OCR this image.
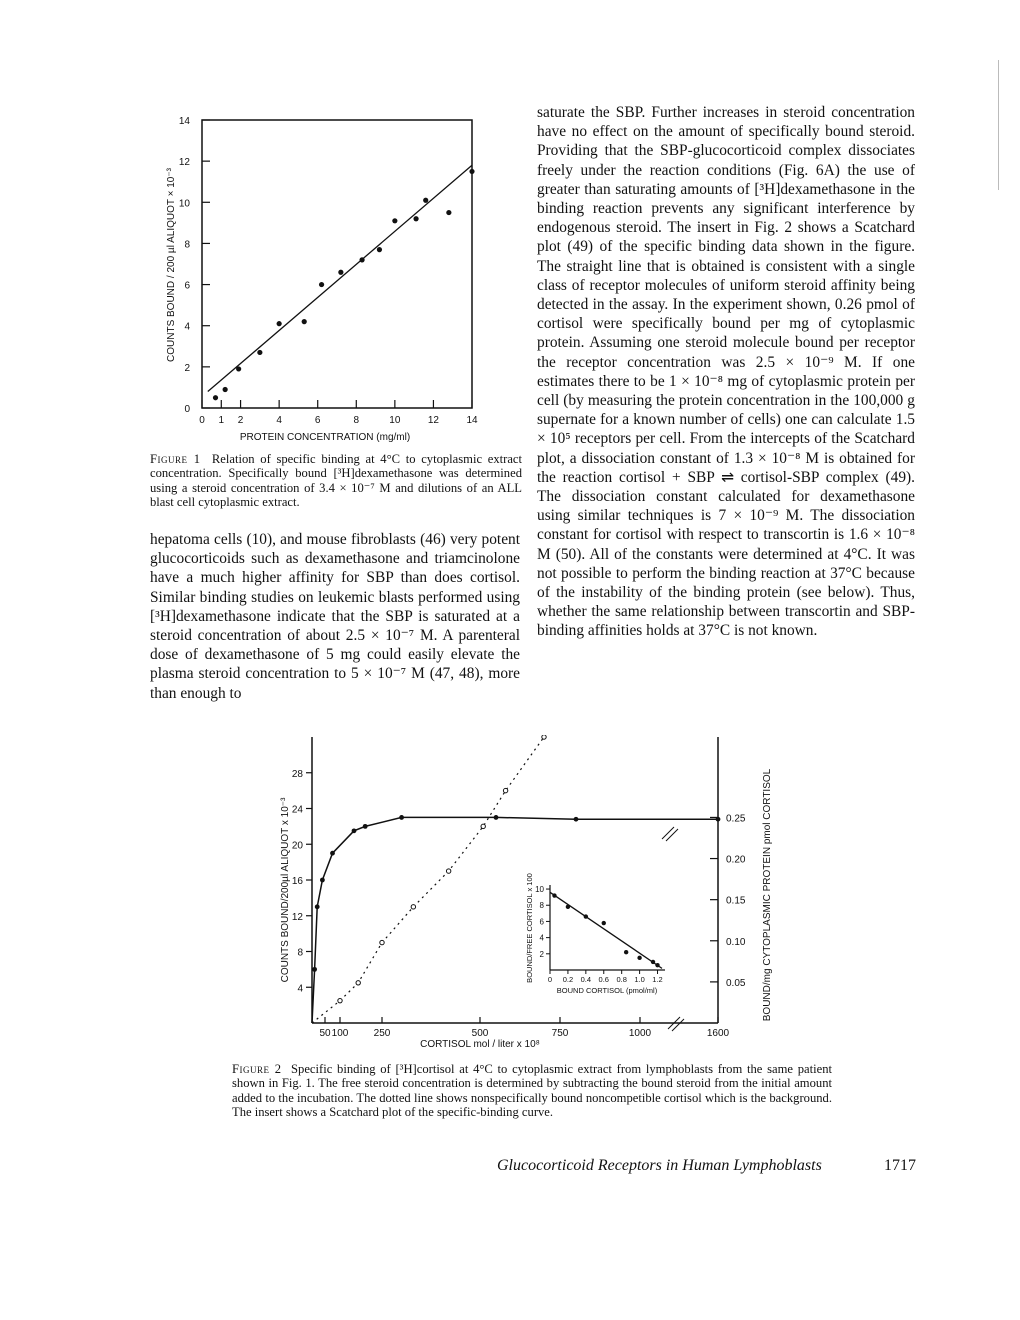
0
2
4
6
8
10
12
14
0 1 2	4	6	8	10	12	14
COUNTS BOUND / 200 µl ALIQUOT × 10⁻³
PROTEIN CONCENTRATION (mg/ml)
Figure 1 Relation of specific binding at 4°C to cytoplasmic extract concentration. Specifically bound [³H]dexamethasone was determined using a steroid concentration of 3.4 × 10⁻⁷ M and dilutions of an ALL blast cell cytoplasmic extract.

hepatoma cells (10), and mouse fibroblasts (46) very potent glucocorticoids such as dexamethasone and triamcinolone have a much higher affinity for SBP than does cortisol. Similar binding studies on leukemic blasts performed using [³H]dexamethasone indicate that the SBP is saturated at a steroid concentration of about 2.5 × 10⁻⁷ M. A parenteral dose of dexamethasone of 5 mg could easily elevate the plasma steroid concentration to 5 × 10⁻⁷ M (47, 48), more than enough to

saturate the SBP. Further increases in steroid concentration have no effect on the amount of specifically bound steroid. Providing that the SBP-glucocorticoid complex dissociates freely under the reaction conditions (Fig. 6A) the use of greater than saturating amounts of [³H]dexamethasone in the binding reaction prevents any significant interference by endogenous steroid. The insert in Fig. 2 shows a Scatchard plot (49) of the specific binding data shown in the figure. The straight line that is obtained is consistent with a single class of receptor molecules of uniform steroid affinity being detected in the assay. In the experiment shown, 0.26 pmol of cortisol were specifically bound per mg of cytoplasmic protein. Assuming one steroid molecule bound per receptor the receptor concentration was 2.5 × 10⁻⁹ M. If one estimates there to be 1 × 10⁻⁸ mg of cytoplasmic protein per cell (by measuring the protein concentration in the 100,000 g supernate for a known number of cells) one can calculate 1.5 × 10⁵ receptors per cell. From the intercepts of the Scatchard plot, a dissociation constant of 1.3 × 10⁻⁸ M is obtained for the reaction cortisol + SBP ⇌ cortisol-SBP complex (49). The dissociation constant calculated for dexamethasone using similar techniques is 7 × 10⁻⁹ M. The dissociation constant for cortisol with respect to transcortin is 1.6 × 10⁻⁸ M (50). All of the constants were determined at 4°C. It was not possible to perform the binding reaction at 37°C because of the instability of the binding protein (see below). Thus, whether the same relationship between transcortin and SBP-binding affinities holds at 37°C is not known.

4
8
12
16
20
24
28
0.05
0.10
0.15
0.20
0.25
50 100	250	500	750	1000	1600
2
4
6
8
10
0 0.2 0.4 0.6 0.8 1.0 1.2
BOUND/FREE CORTISOL x 100
BOUND CORTISOL (pmol/ml)
COUNTS BOUND/200µl ALIQUOT x 10⁻³	BOUND/mg CYTOPLASMIC PROTEIN pmol CORTISOL
CORTISOL mol / liter x 10⁸
Figure 2 Specific binding of [³H]cortisol at 4°C to cytoplasmic extract from lymphoblasts from the same patient shown in Fig. 1. The free steroid concentration is determined by subtracting the bound steroid from the initial amount added to the incubation. The dotted line shows nonspecifically bound noncompetible cortisol which is the background. The insert shows a Scatchard plot of the specific-binding curve.
Glucocorticoid Receptors in Human Lymphoblasts	1717
